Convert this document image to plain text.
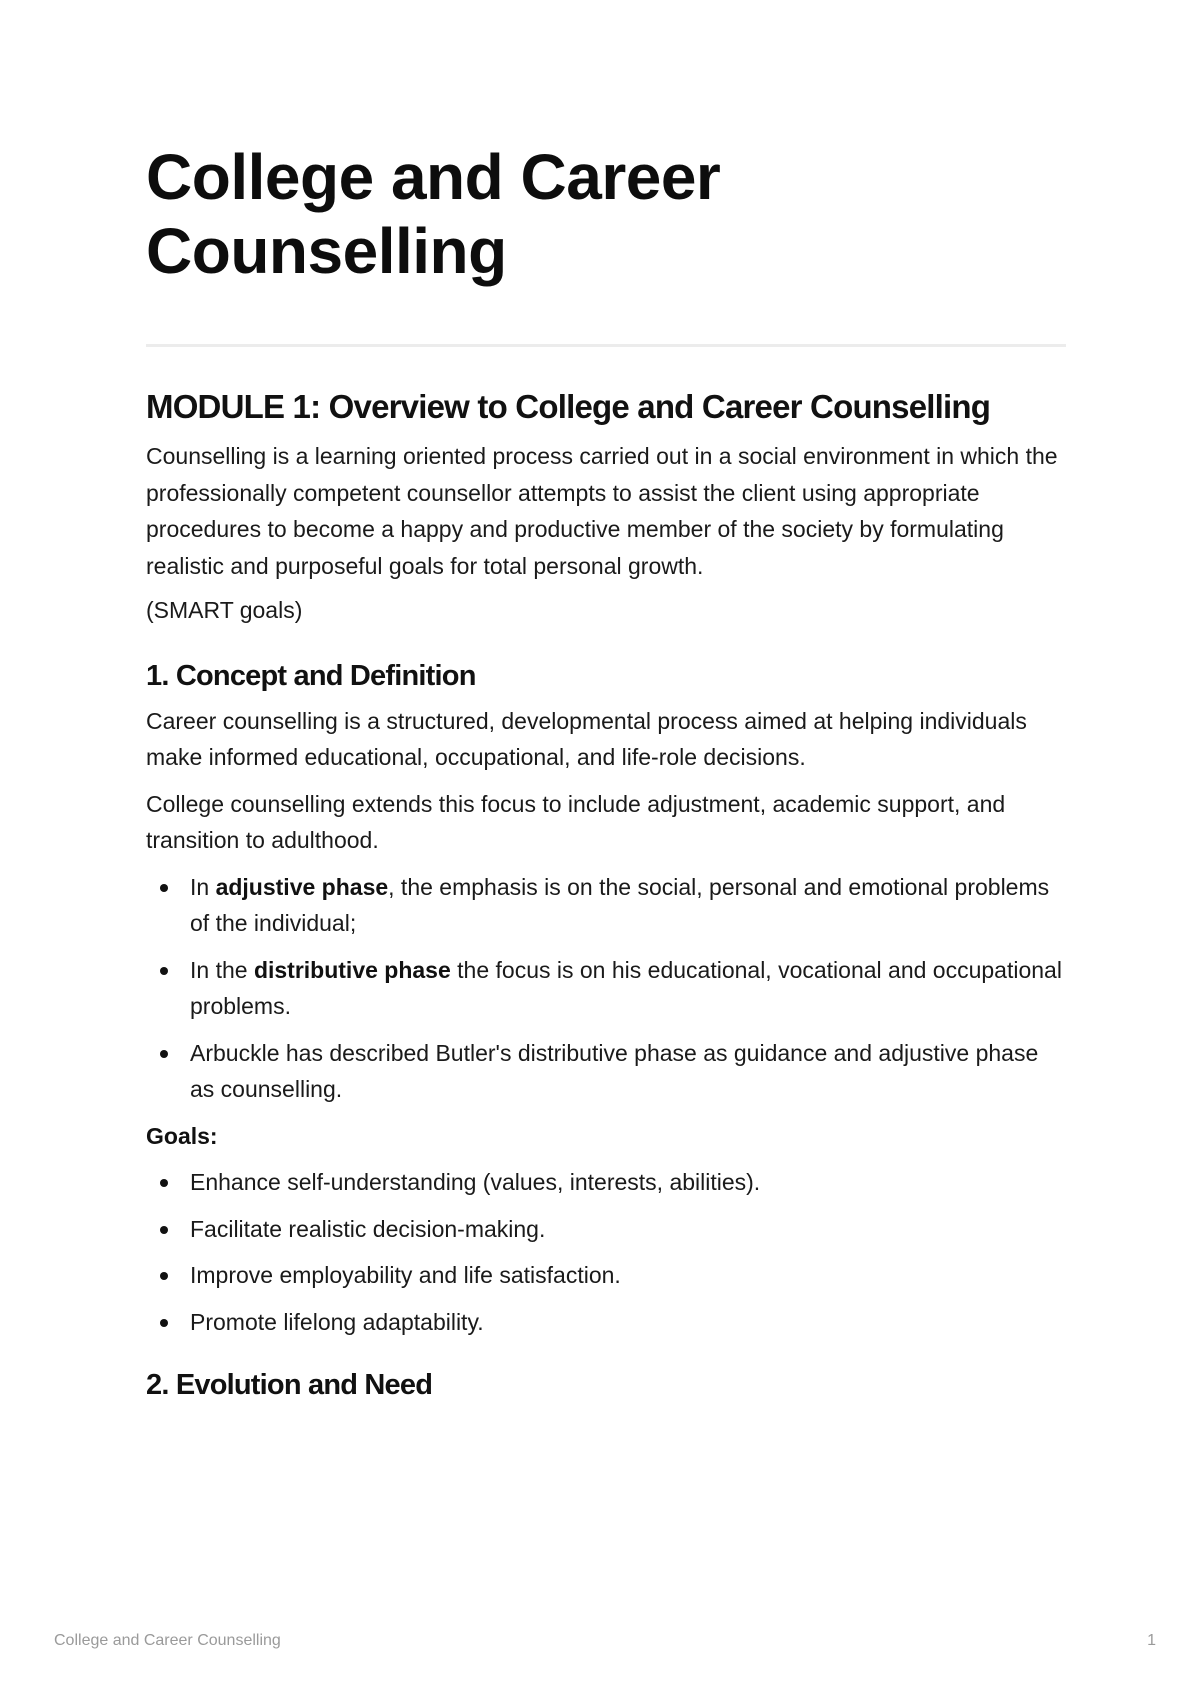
College and Career Counselling
MODULE 1: Overview to College and Career Counselling

Counselling is a learning oriented process carried out in a social environment in which the professionally competent counsellor attempts to assist the client using appropriate procedures to become a happy and productive member of the society by formulating realistic and purposeful goals for total personal growth.

(SMART goals)

1. Concept and Definition

Career counselling is a structured, developmental process aimed at helping individuals make informed educational, occupational, and life-role decisions.

College counselling extends this focus to include adjustment, academic support, and transition to adulthood.

In adjustive phase, the emphasis is on the social, personal and emotional problems of the individual;
In the distributive phase the focus is on his educational, vocational and occupational problems.
Arbuckle has described Butler's distributive phase as guidance and adjustive phase as counselling.

Goals:

Enhance self-understanding (values, interests, abilities).
Facilitate realistic decision-making.
Improve employability and life satisfaction.
Promote lifelong adaptability.
2. Evolution and Need
College and Career Counselling	1
